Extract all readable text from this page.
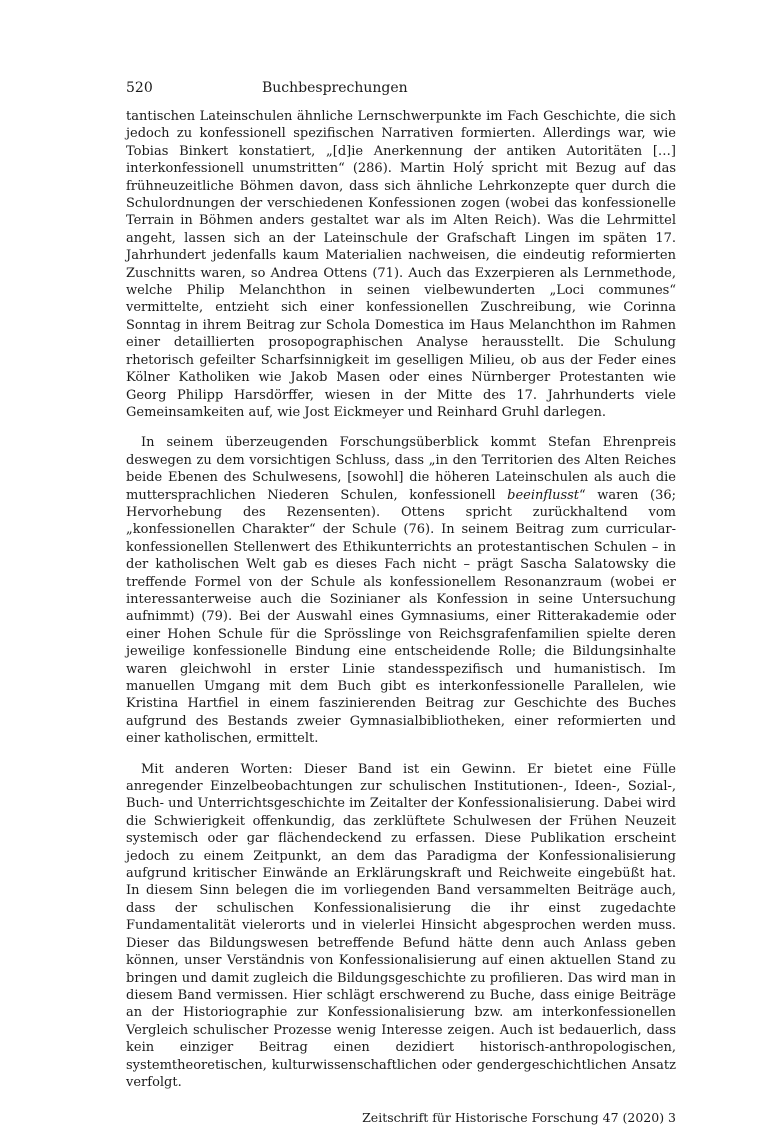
520	Buchbesprechungen

tantischen Lateinschulen ähnliche Lernschwerpunkte im Fach Geschichte, die sich jedoch zu konfessionell spezifischen Narrativen formierten. Allerdings war, wie Tobias Binkert konstatiert, „[d]ie Anerkennung der antiken Autoritäten […] interkonfessionell unumstritten“ (286). Martin Holý spricht mit Bezug auf das frühneuzeitliche Böhmen davon, dass sich ähnliche Lehrkonzepte quer durch die Schulordnungen der verschiedenen Konfessionen zogen (wobei das konfessionelle Terrain in Böhmen anders gestaltet war als im Alten Reich). Was die Lehrmittel angeht, lassen sich an der Lateinschule der Grafschaft Lingen im späten 17. Jahrhundert jedenfalls kaum Materialien nachweisen, die eindeutig reformierten Zuschnitts waren, so Andrea Ottens (71). Auch das Exzerpieren als Lernmethode, welche Philip Melanchthon in seinen vielbewunderten „Loci communes“ vermittelte, entzieht sich einer konfessionellen Zuschreibung, wie Corinna Sonntag in ihrem Beitrag zur Schola Domestica im Haus Melanchthon im Rahmen einer detaillierten prosopographischen Analyse herausstellt. Die Schulung rhetorisch gefeilter Scharfsinnigkeit im geselligen Milieu, ob aus der Feder eines Kölner Katholiken wie Jakob Masen oder eines Nürnberger Protestanten wie Georg Philipp Harsdörffer, wiesen in der Mitte des 17. Jahrhunderts viele Gemeinsamkeiten auf, wie Jost Eickmeyer und Reinhard Gruhl darlegen.

In seinem überzeugenden Forschungsüberblick kommt Stefan Ehrenpreis deswegen zu dem vorsichtigen Schluss, dass „in den Territorien des Alten Reiches beide Ebenen des Schulwesens, [sowohl] die höheren Lateinschulen als auch die muttersprachlichen Niederen Schulen, konfessionell beeinflusst“ waren (36; Hervorhebung des Rezensenten). Ottens spricht zurückhaltend vom „konfessionellen Charakter“ der Schule (76). In seinem Beitrag zum curricular-konfessionellen Stellenwert des Ethikunterrichts an protestantischen Schulen – in der katholischen Welt gab es dieses Fach nicht – prägt Sascha Salatowsky die treffende Formel von der Schule als konfessionellem Resonanzraum (wobei er interessanterweise auch die Sozinianer als Konfession in seine Untersuchung aufnimmt) (79). Bei der Auswahl eines Gymnasiums, einer Ritterakademie oder einer Hohen Schule für die Sprösslinge von Reichsgrafenfamilien spielte deren jeweilige konfessionelle Bindung eine entscheidende Rolle; die Bildungsinhalte waren gleichwohl in erster Linie standesspezifisch und humanistisch. Im manuellen Umgang mit dem Buch gibt es interkonfessionelle Parallelen, wie Kristina Hartfiel in einem faszinierenden Beitrag zur Geschichte des Buches aufgrund des Bestands zweier Gymnasialbibliotheken, einer reformierten und einer katholischen, ermittelt.

Mit anderen Worten: Dieser Band ist ein Gewinn. Er bietet eine Fülle anregender Einzelbeobachtungen zur schulischen Institutionen-, Ideen-, Sozial-, Buch- und Unterrichtsgeschichte im Zeitalter der Konfessionalisierung. Dabei wird die Schwierigkeit offenkundig, das zerklüftete Schulwesen der Frühen Neuzeit systemisch oder gar flächendeckend zu erfassen. Diese Publikation erscheint jedoch zu einem Zeitpunkt, an dem das Paradigma der Konfessionalisierung aufgrund kritischer Einwände an Erklärungskraft und Reichweite eingebüßt hat. In diesem Sinn belegen die im vorliegenden Band versammelten Beiträge auch, dass der schulischen Konfessionalisierung die ihr einst zugedachte Fundamentalität vielerorts und in vielerlei Hinsicht abgesprochen werden muss. Dieser das Bildungswesen betreffende Befund hätte denn auch Anlass geben können, unser Verständnis von Konfessionalisierung auf einen aktuellen Stand zu bringen und damit zugleich die Bildungsgeschichte zu profilieren. Das wird man in diesem Band vermissen. Hier schlägt erschwerend zu Buche, dass einige Beiträge an der Historiographie zur Konfessionalisierung bzw. am interkonfessionellen Vergleich schulischer Prozesse wenig Interesse zeigen. Auch ist bedauerlich, dass kein einziger Beitrag einen dezidiert historisch-anthropologischen, systemtheoretischen, kulturwissenschaftlichen oder gendergeschichtlichen Ansatz verfolgt.

Zeitschrift für Historische Forschung 47 (2020) 3
